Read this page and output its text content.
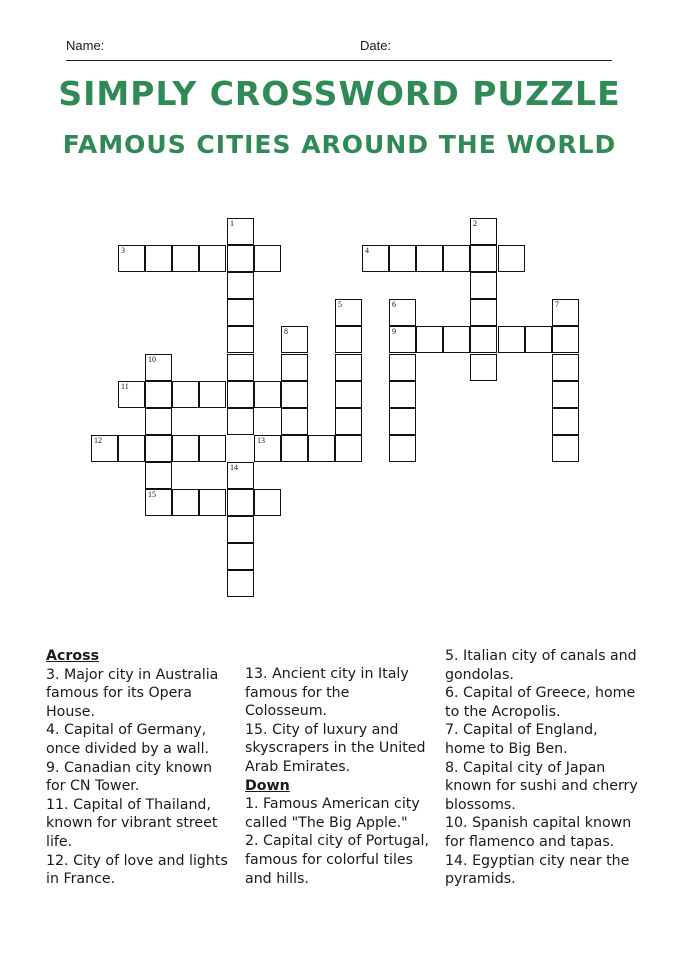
Name:	Date:
SIMPLY CROSSWORD PUZZLE
FAMOUS CITIES AROUND THE WORLD
1	2
3	4
5	6
9
7
8
10
15
11
12	13
14
Across
3. Major city in Australia famous for its Opera House.
4. Capital of Germany, once divided by a wall.
9. Canadian city known for CN Tower.
11. Capital of Thailand, known for vibrant street life.
12. City of love and lights in France.
13. Ancient city in Italy famous for the Colosseum.
15. City of luxury and skyscrapers in the United Arab Emirates.
Down
1. Famous American city called "The Big Apple."
2. Capital city of Portugal, famous for colorful tiles and hills.
5. Italian city of canals and gondolas.
6. Capital of Greece, home to the Acropolis.
7. Capital of England, home to Big Ben.
8. Capital city of Japan known for sushi and cherry blossoms.
10. Spanish capital known for flamenco and tapas.
14. Egyptian city near the pyramids.
